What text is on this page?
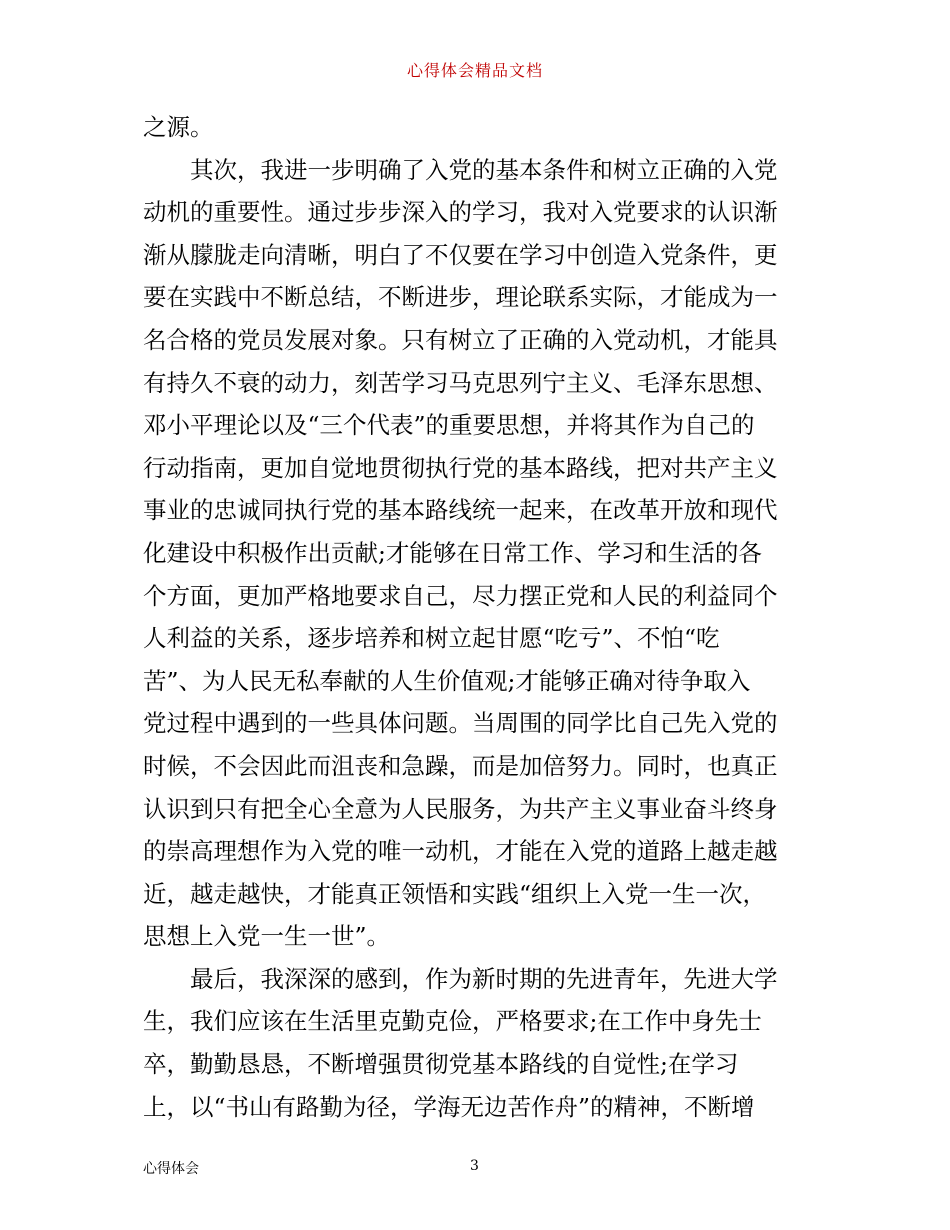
心得体会精品文档
之源。
其次，我进一步明确了入党的基本条件和树立正确的入党
动机的重要性。通过步步深入的学习，我对入党要求的认识渐
渐从朦胧走向清晰，明白了不仅要在学习中创造入党条件，更
要在实践中不断总结，不断进步，理论联系实际，才能成为一
名合格的党员发展对象。只有树立了正确的入党动机，才能具
有持久不衰的动力，刻苦学习马克思列宁主义、毛泽东思想、
邓小平理论以及“三个代表”的重要思想，并将其作为自己的
行动指南，更加自觉地贯彻执行党的基本路线，把对共产主义
事业的忠诚同执行党的基本路线统一起来，在改革开放和现代
化建设中积极作出贡献;才能够在日常工作、学习和生活的各
个方面，更加严格地要求自己，尽力摆正党和人民的利益同个
人利益的关系，逐步培养和树立起甘愿“吃亏”、不怕“吃
苦”、为人民无私奉献的人生价值观;才能够正确对待争取入
党过程中遇到的一些具体问题。当周围的同学比自己先入党的
时候，不会因此而沮丧和急躁，而是加倍努力。同时，也真正
认识到只有把全心全意为人民服务，为共产主义事业奋斗终身
的崇高理想作为入党的唯一动机，才能在入党的道路上越走越
近，越走越快，才能真正领悟和实践“组织上入党一生一次，
思想上入党一生一世”。
最后，我深深的感到，作为新时期的先进青年，先进大学
生，我们应该在生活里克勤克俭，严格要求;在工作中身先士
卒，勤勤恳恳，不断增强贯彻党基本路线的自觉性;在学习
上，以“书山有路勤为径，学海无边苦作舟”的精神，不断增
心得体会	3
